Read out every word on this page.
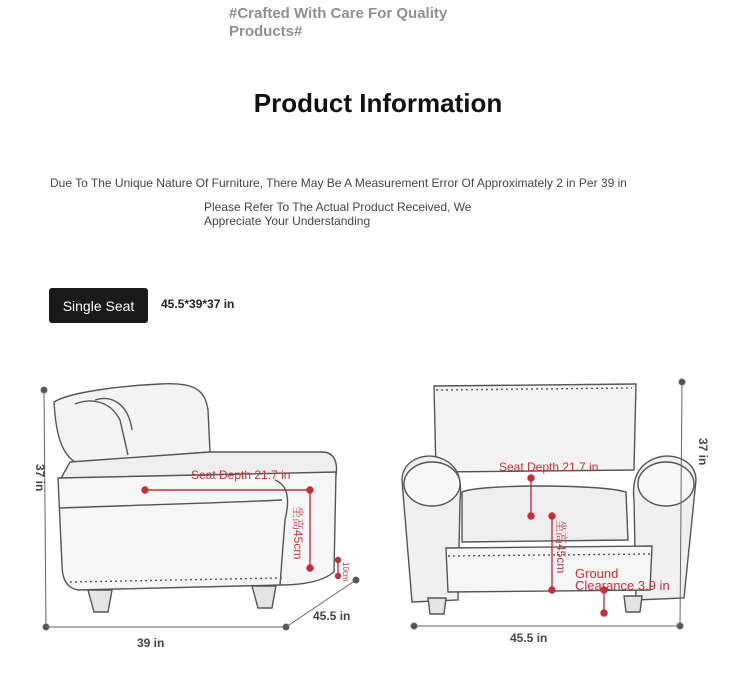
#Crafted With Care For Quality Products#
Product Information
Due To The Unique Nature Of Furniture, There May Be A Measurement Error Of Approximately 2 in Per 39 in
Please Refer To The Actual Product Received, We Appreciate Your Understanding
Single Seat	45.5*39*37 in
37 in
39 in
45.5 in
Seat Depth 21.7 in
坐高45cm
10cm
37 in
45.5 in
Seat Depth 21.7 in
坐高45cm
Ground
Clearance 3.9 in
